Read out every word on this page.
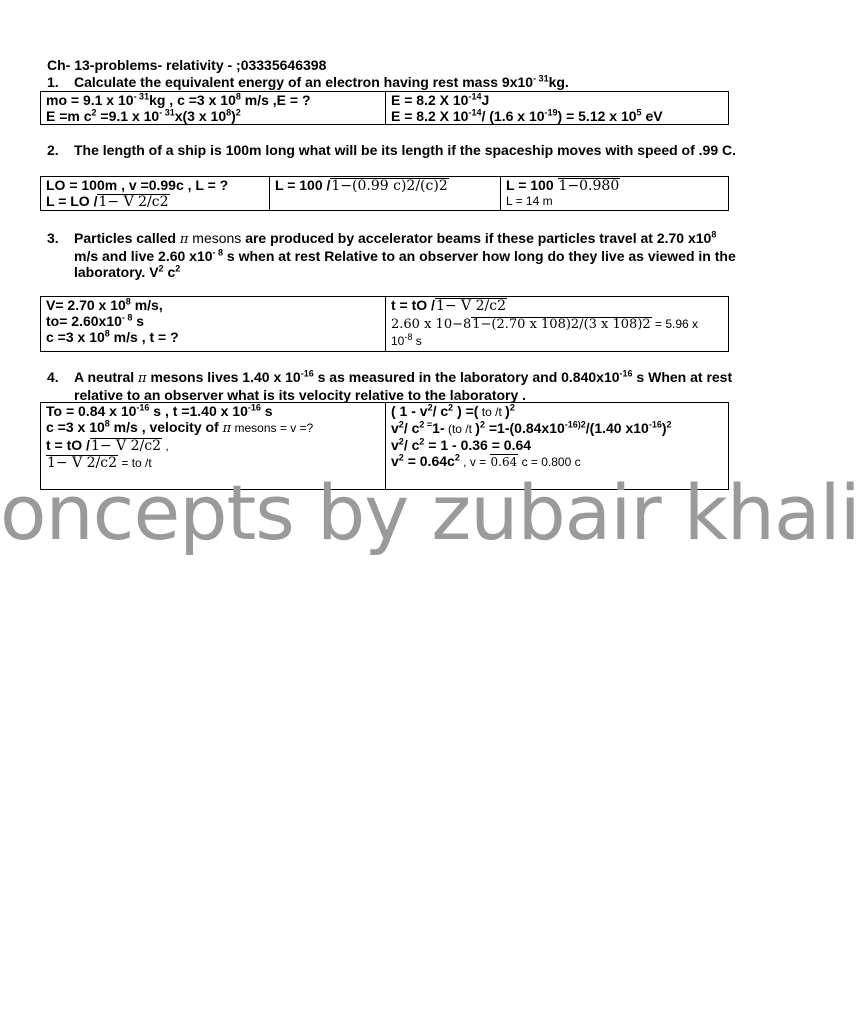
Ch- 13-problems- relativity - ;03335646398
1. Calculate the equivalent energy of an electron having rest mass $9x10^{- 31}kg$.
mo = 9.1 x $10^{- 31}kg$ , c =3 x $10^8$ m/s ,E = ?
E =m $c^2 =9.1$ x $10^{- 31}x(3$ x $10^8)^2$

E = 8.2 X $10^{-14}J$
E = 8.2 X $10^{-14}/$ (1.6 x $10^{-19}) = 5.12$ x $10^5$ eV
2. The length of a ship is 100m long what will be its length if the spaceship moves with speed of .99 C.
LO = 100m , v =0.99c , L = ?
L = LO /1− V 2/c2

L = 100 /1−(0.99 c)2/(c)2	L = 100 1−0.980
L = 14 m
3. Particles called π mesons are produced by accelerator beams if these particles travel at 2.70 $x10^8$ m/s and live 2.60 $x10^{- 8}$ s when at rest Relative to an observer how long do they live as viewed in the laboratory. $V^2$ $c^2$
V= 2.70 x $10^8$ m/s,
$to= 2.60x10^{- 8}$ s
c =3 x $10^8$ m/s , t = ?

t = tO /1− V 2/c2
2.60 x 10−81−(2.70 x 108)2/(3 x 108)2 = 5.96 x
$10^{-8}$ s
4. A neutral π mesons lives 1.40 x $10^{-16}$ s as measured in the laboratory and $0.840x10^{-16}$ s When at rest relative to an observer what is its velocity relative to the laboratory .
To = 0.84 x $10^{-16}$ s , t =1.40 x $10^{-16}$ s
c =3 x $10^8$ m/s , velocity of π mesons = v =?
t = tO /1− V 2/c2 ,
1− V 2/c2 = to /t

( $1 - v^2/$ $c^2$ ) =( to /t )$^2$
$v^2/$ $c^{2 =}1-$ (to /t )$^2 =1-(0.84x10^{-16)2}/(1.40$ $x10^{-16})^2$
$v^2/$ $c^2 = 1 - 0.36 = 0.64$
$v^2 = 0.64c^2$ , v = 0.64 c = 0.800 c
oncepts by zubair khali
